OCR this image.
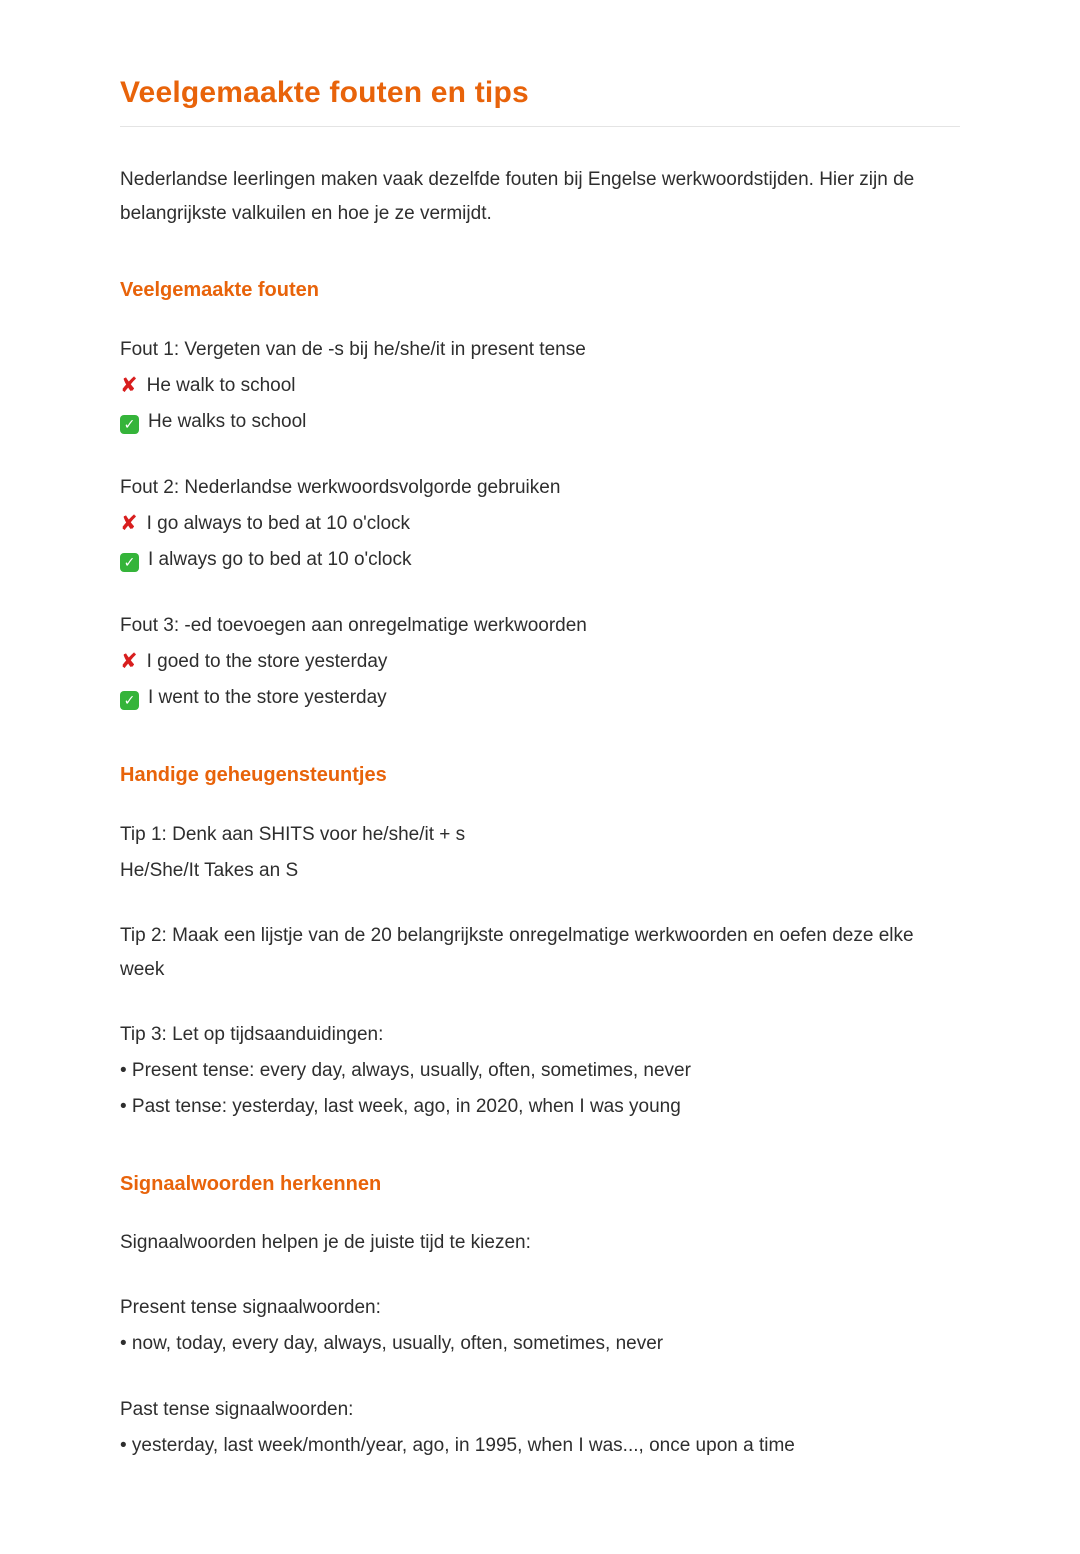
Veelgemaakte fouten en tips

Nederlandse leerlingen maken vaak dezelfde fouten bij Engelse werkwoordstijden. Hier zijn de belangrijkste valkuilen en hoe je ze vermijdt.

Veelgemaakte fouten
Fout 1: Vergeten van de -s bij he/she/it in present tense
✘ He walk to school
✓ He walks to school
Fout 2: Nederlandse werkwoordsvolgorde gebruiken
✘ I go always to bed at 10 o'clock
✓ I always go to bed at 10 o'clock
Fout 3: -ed toevoegen aan onregelmatige werkwoorden
✘ I goed to the store yesterday
✓ I went to the store yesterday
Handige geheugensteuntjes
Tip 1: Denk aan SHITS voor he/she/it + s
He/She/It Takes an S

Tip 2: Maak een lijstje van de 20 belangrijkste onregelmatige werkwoorden en oefen deze elke week

Tip 3: Let op tijdsaanduidingen:
• Present tense: every day, always, usually, often, sometimes, never
• Past tense: yesterday, last week, ago, in 2020, when I was young
Signaalwoorden herkennen

Signaalwoorden helpen je de juiste tijd te kiezen:

Present tense signaalwoorden:
• now, today, every day, always, usually, often, sometimes, never
Past tense signaalwoorden:
• yesterday, last week/month/year, ago, in 1995, when I was..., once upon a time
